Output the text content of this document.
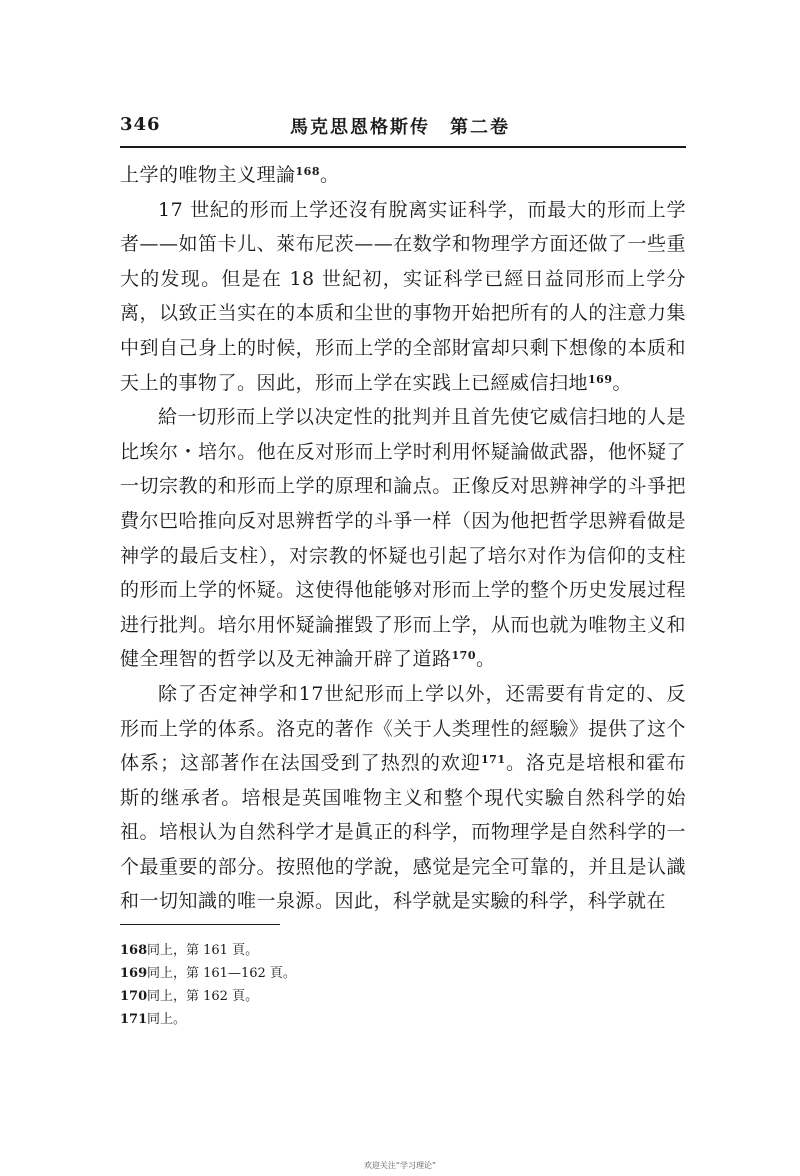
346	馬克思恩格斯传　第二卷

上学的唯物主义理論$^{168}$。

17 世紀的形而上学还沒有脫离实证科学，而最大的形而上学者——如笛卡儿、萊布尼茨——在数学和物理学方面还做了一些重大的发现。但是在 18 世紀初，实证科学已經日益同形而上学分离，以致正当实在的本质和尘世的事物开始把所有的人的注意力集中到自己身上的时候，形而上学的全部財富却只剩下想像的本质和天上的事物了。因此，形而上学在实践上已經威信扫地$^{169}$。

給一切形而上学以决定性的批判并且首先使它威信扫地的人是比埃尔・培尔。他在反对形而上学时利用怀疑論做武器，他怀疑了一切宗教的和形而上学的原理和論点。正像反对思辨神学的斗爭把費尔巴哈推向反对思辨哲学的斗爭一样（因为他把哲学思辨看做是神学的最后支柱），对宗教的怀疑也引起了培尔对作为信仰的支柱的形而上学的怀疑。这使得他能够对形而上学的整个历史发展过程进行批判。培尔用怀疑論摧毀了形而上学，从而也就为唯物主义和健全理智的哲学以及无神論开辟了道路$^{170}$。

除了否定神学和17世紀形而上学以外，还需要有肯定的、反形而上学的体系。洛克的著作《关于人类理性的經驗》提供了这个体系；这部著作在法国受到了热烈的欢迎$^{171}$。洛克是培根和霍布斯的继承者。培根是英国唯物主义和整个現代实驗自然科学的始祖。培根认为自然科学才是眞正的科学，而物理学是自然科学的一个最重要的部分。按照他的学說，感觉是完全可靠的，并且是认識和一切知識的唯一泉源。因此，科学就是实驗的科学，科学就在

168同上，第 161 頁。
169同上，第 161—162 頁。
170同上，第 162 頁。
171同上。
欢迎关注“学习理论”
